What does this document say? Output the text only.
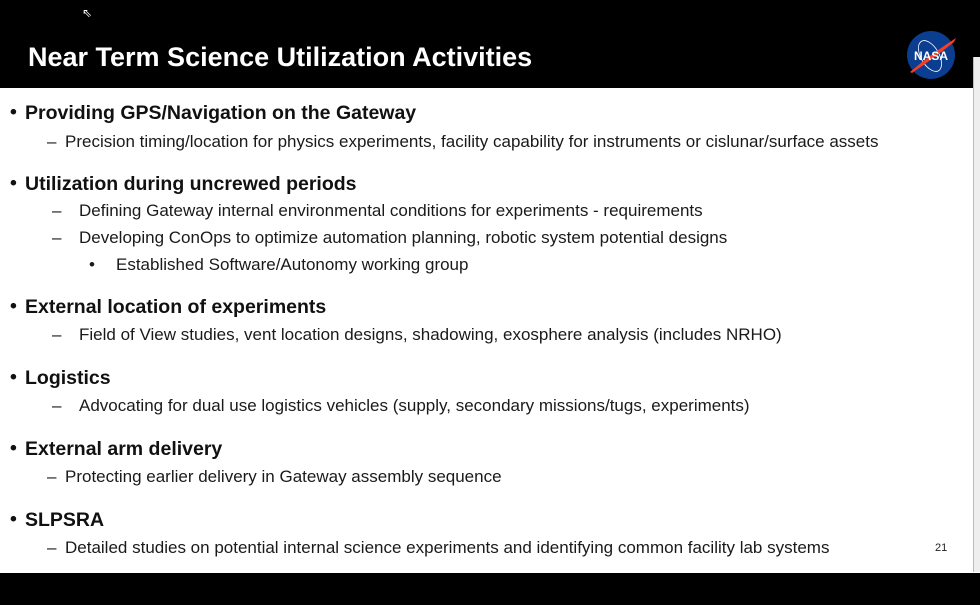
Near Term Science Utilization Activities
⇖
NASA
• Providing GPS/Navigation on the Gateway
– Precision timing/location for physics experiments, facility capability for instruments or cislunar/surface assets
• Utilization during uncrewed periods
– Defining Gateway internal environmental conditions for experiments - requirements
– Developing ConOps to optimize automation planning, robotic system potential designs
• Established Software/Autonomy working group
• External location of experiments
– Field of View studies, vent location designs, shadowing, exosphere analysis (includes NRHO)
• Logistics
– Advocating for dual use logistics vehicles (supply, secondary missions/tugs, experiments)
• External arm delivery
– Protecting earlier delivery in Gateway assembly sequence
• SLPSRA
– Detailed studies on potential internal science experiments and identifying common facility lab systems	21
